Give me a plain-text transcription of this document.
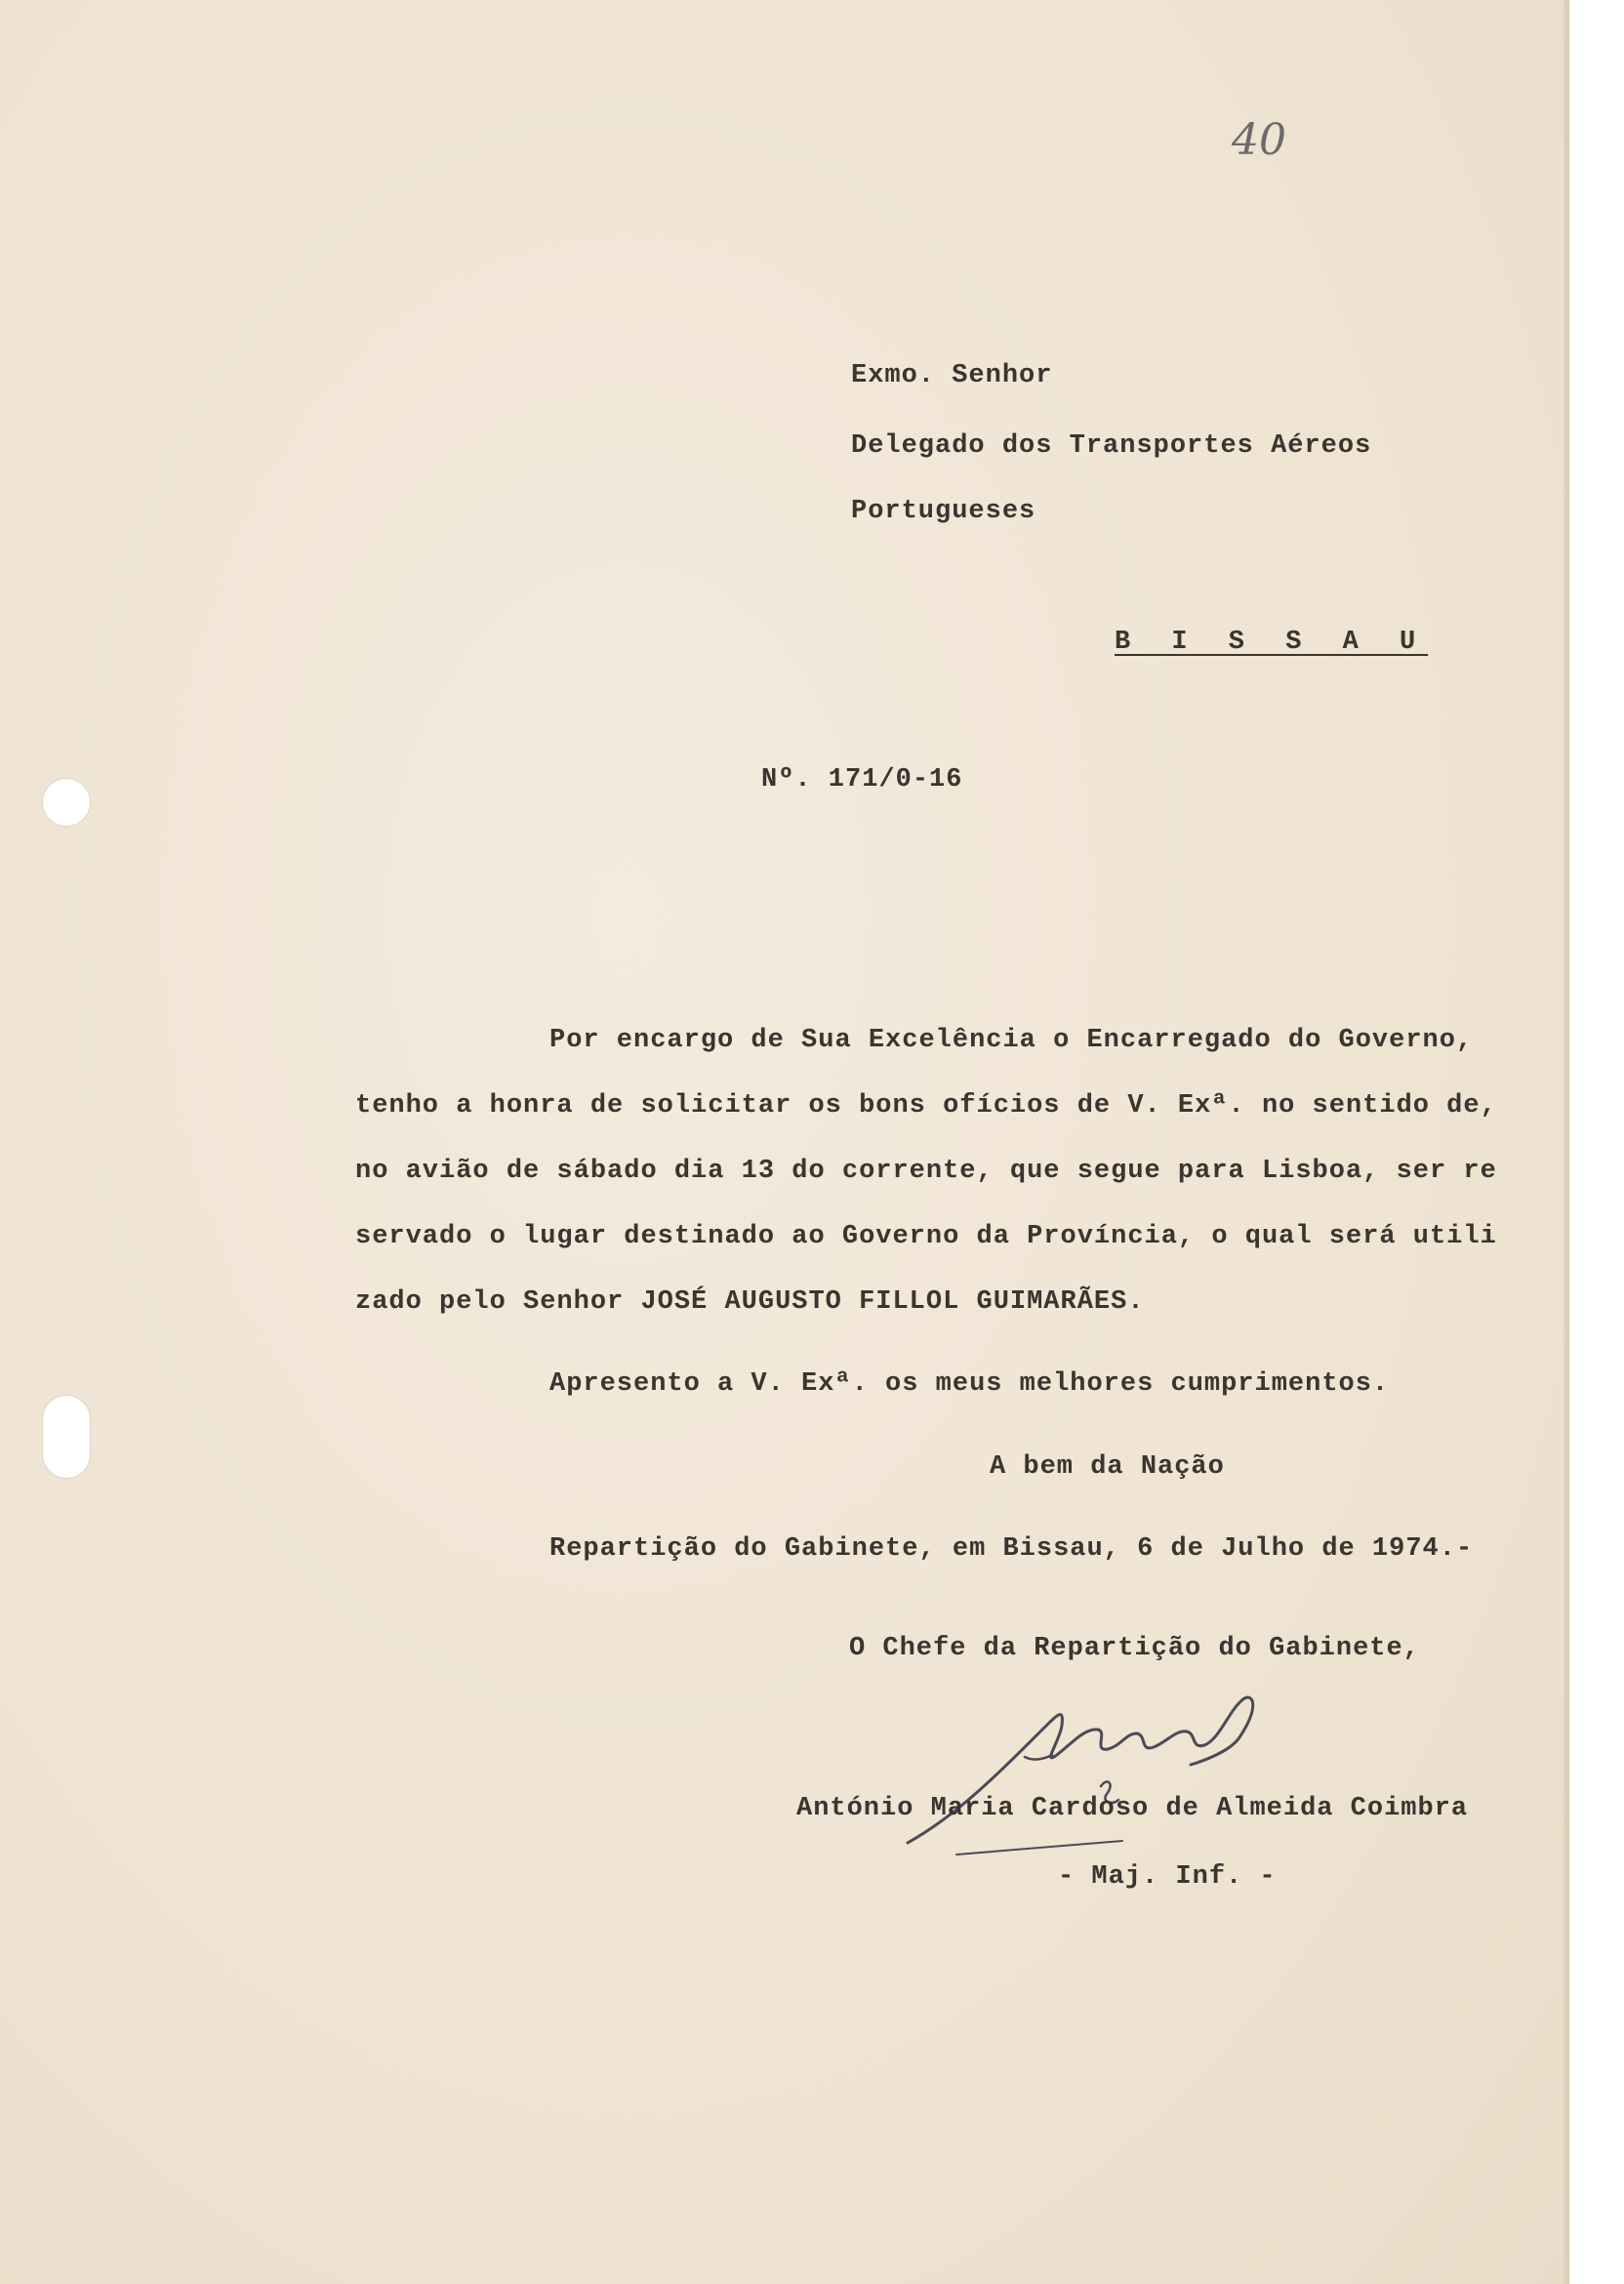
40
Exmo. Senhor
Delegado dos Transportes Aéreos
Portugueses
B I S S A U
Nº. 171/0-16
Por encargo de Sua Excelência o Encarregado do Governo,
tenho a honra de solicitar os bons ofícios de V. Exª. no sentido de,
no avião de sábado dia 13 do corrente, que segue para Lisboa, ser re
servado o lugar destinado ao Governo da Província, o qual será utili
zado pelo Senhor JOSÉ AUGUSTO FILLOL GUIMARÃES.
Apresento a V. Exª. os meus melhores cumprimentos.
A bem da Nação
Repartição do Gabinete, em Bissau, 6 de Julho de 1974.-
O Chefe da Repartição do Gabinete,
António Maria Cardoso de Almeida Coimbra
- Maj. Inf. -
